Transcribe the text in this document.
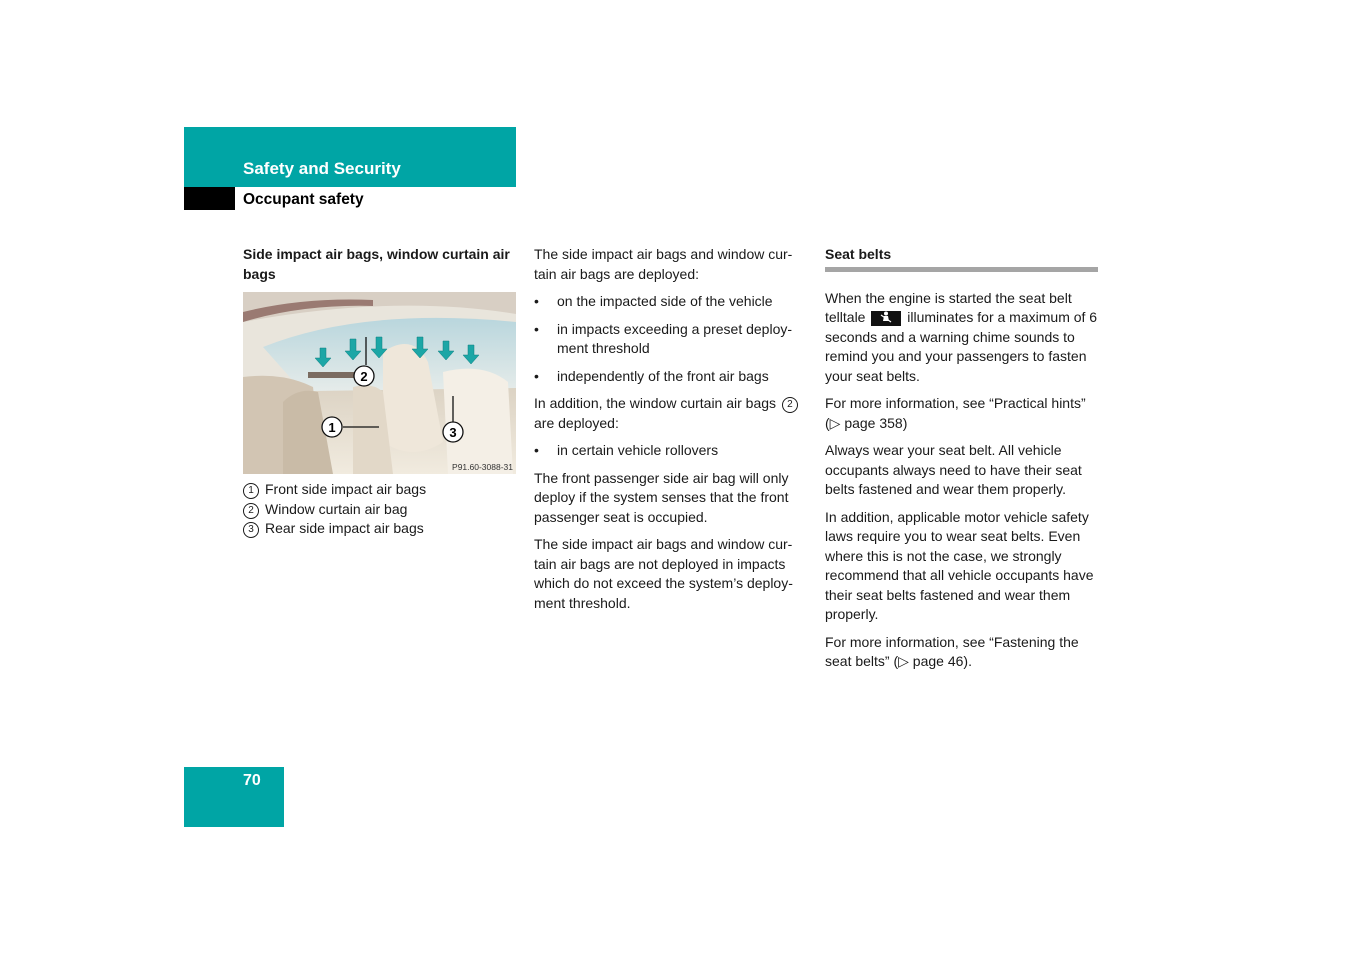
Safety and Security
Occupant safety
Side impact air bags, window curtain air bags
2
1	3
P91.60-3088-31
1 Front side impact air bags
2 Window curtain air bag
3 Rear side impact air bags

The side impact air bags and window cur-tain air bags are deployed:

• on the impacted side of the vehicle
• in impacts exceeding a preset deploy-ment threshold
• independently of the front air bags

In addition, the window curtain air bags 2 are deployed:

• in certain vehicle rollovers

The front passenger side air bag will only deploy if the system senses that the front passenger seat is occupied.

The side impact air bags and window cur-tain air bags are not deployed in impacts which do not exceed the system’s deploy-ment threshold.

Seat belts

When the engine is started the seat belt telltale	illuminates for a maximum of 6 seconds and a warning chime sounds to remind you and your passengers to fasten your seat belts.

For more information, see “Practical hints” (▷ page 358)

Always wear your seat belt. All vehicle occupants always need to have their seat belts fastened and wear them properly.

In addition, applicable motor vehicle safety laws require you to wear seat belts. Even where this is not the case, we strongly recommend that all vehicle occupants have their seat belts fastened and wear them properly.

For more information, see “Fastening the seat belts” (▷ page 46).

70
